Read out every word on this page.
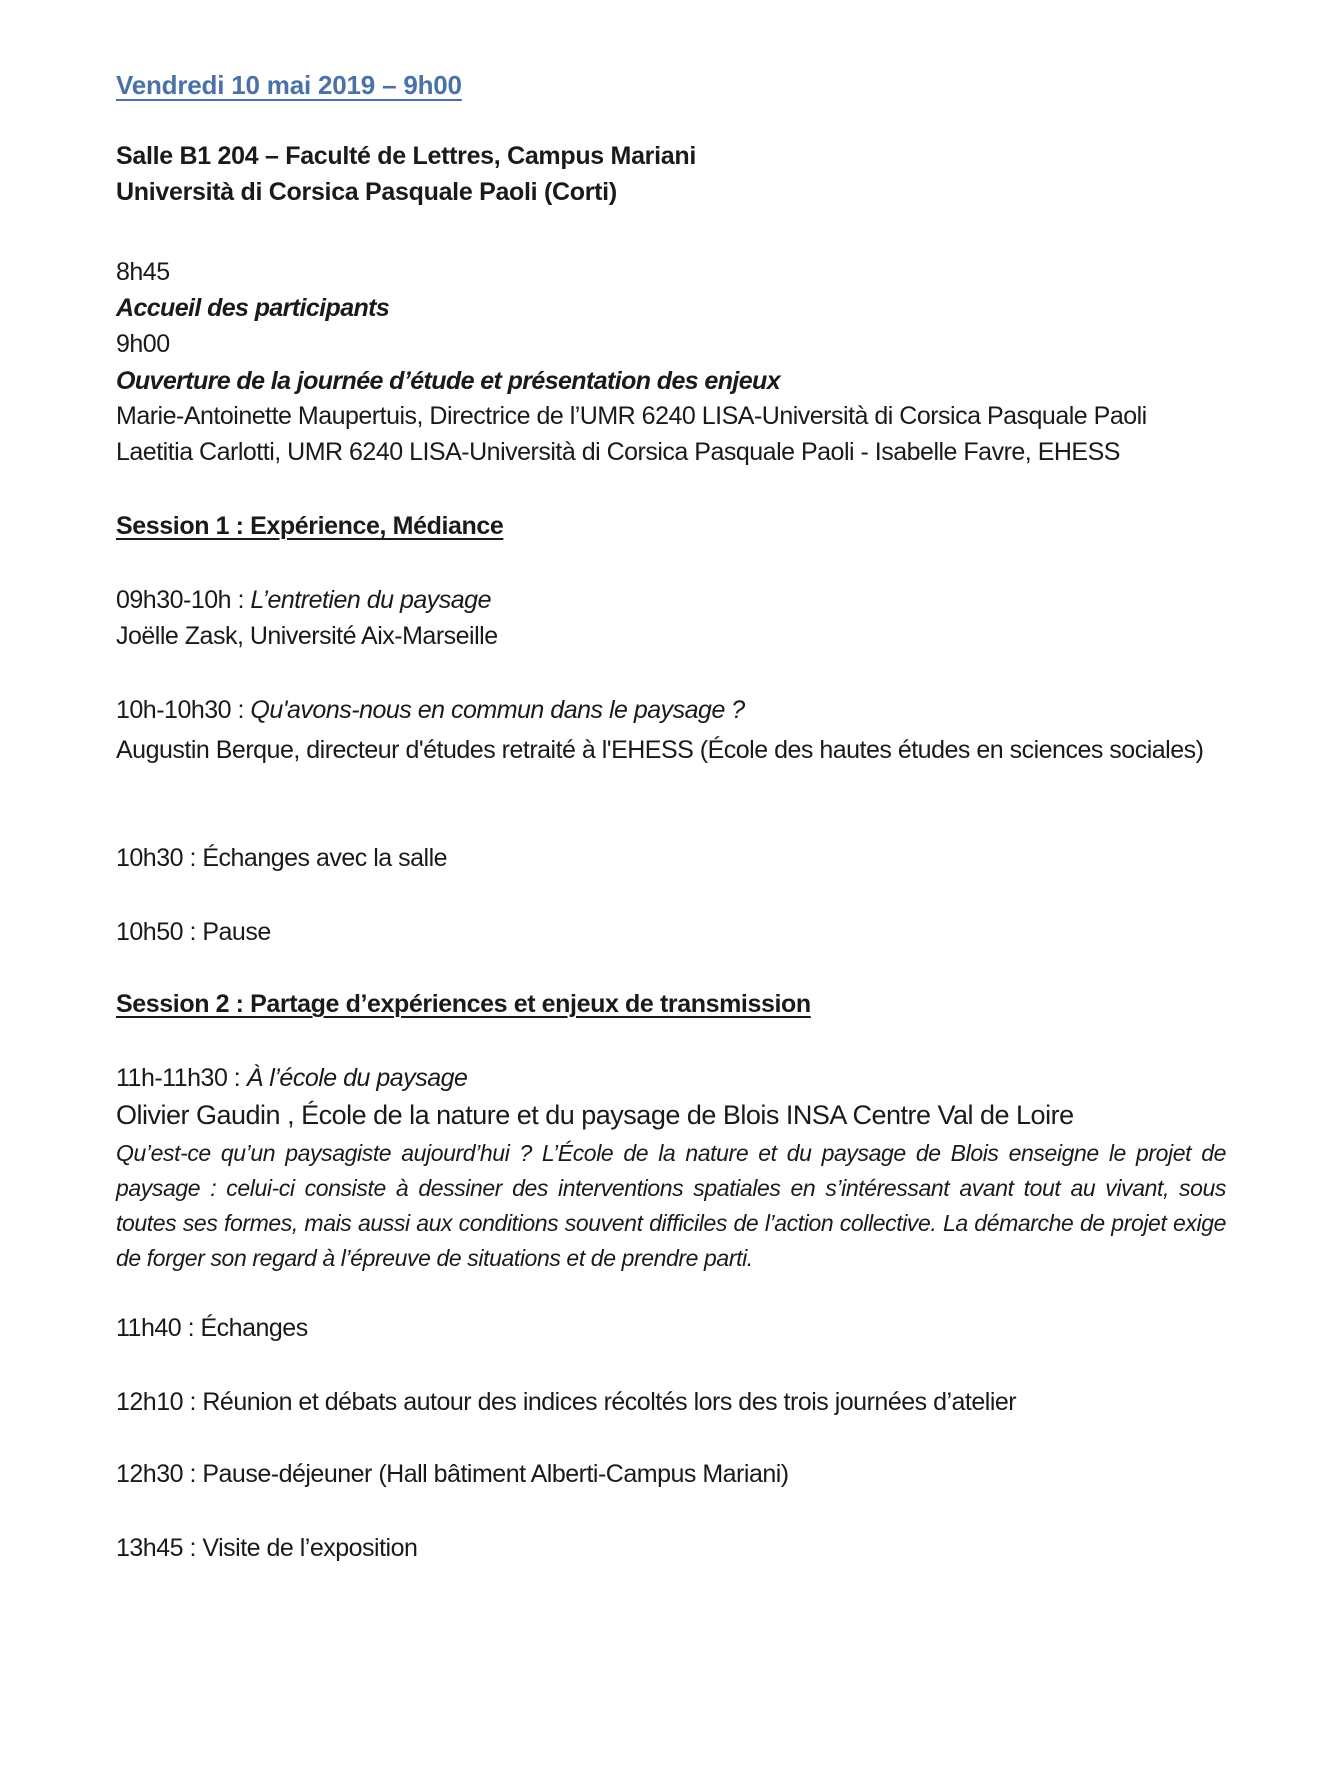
Vendredi 10 mai 2019 – 9h00
Salle B1 204 – Faculté de Lettres, Campus Mariani
Università di Corsica Pasquale Paoli (Corti)
8h45
Accueil des participants
9h00
Ouverture de la journée d’étude et présentation des enjeux
Marie-Antoinette Maupertuis, Directrice de l’UMR 6240 LISA-Università di Corsica Pasquale Paoli
Laetitia Carlotti, UMR 6240 LISA-Università di Corsica Pasquale Paoli - Isabelle Favre, EHESS
Session 1 : Expérience, Médiance
09h30-10h : L’entretien du paysage
Joëlle Zask, Université Aix-Marseille
10h-10h30 : Qu'avons-nous en commun dans le paysage ?
Augustin Berque, directeur d'études retraité à l'EHESS (École des hautes études en sciences sociales)
10h30 : Échanges avec la salle
10h50 : Pause
Session 2 : Partage d’expériences et enjeux de transmission
11h-11h30 : À l’école du paysage
Olivier Gaudin , École de la nature et du paysage de Blois INSA Centre Val de Loire
Qu’est-ce qu’un paysagiste aujourd’hui ? L’École de la nature et du paysage de Blois enseigne le projet de paysage : celui-ci consiste à dessiner des interventions spatiales en s’intéressant avant tout au vivant, sous toutes ses formes, mais aussi aux conditions souvent difficiles de l’action collective. La démarche de projet exige de forger son regard à l’épreuve de situations et de prendre parti.
11h40 : Échanges
12h10 : Réunion et débats autour des indices récoltés lors des trois journées d’atelier
12h30 : Pause-déjeuner (Hall bâtiment Alberti-Campus Mariani)
13h45 : Visite de l’exposition
